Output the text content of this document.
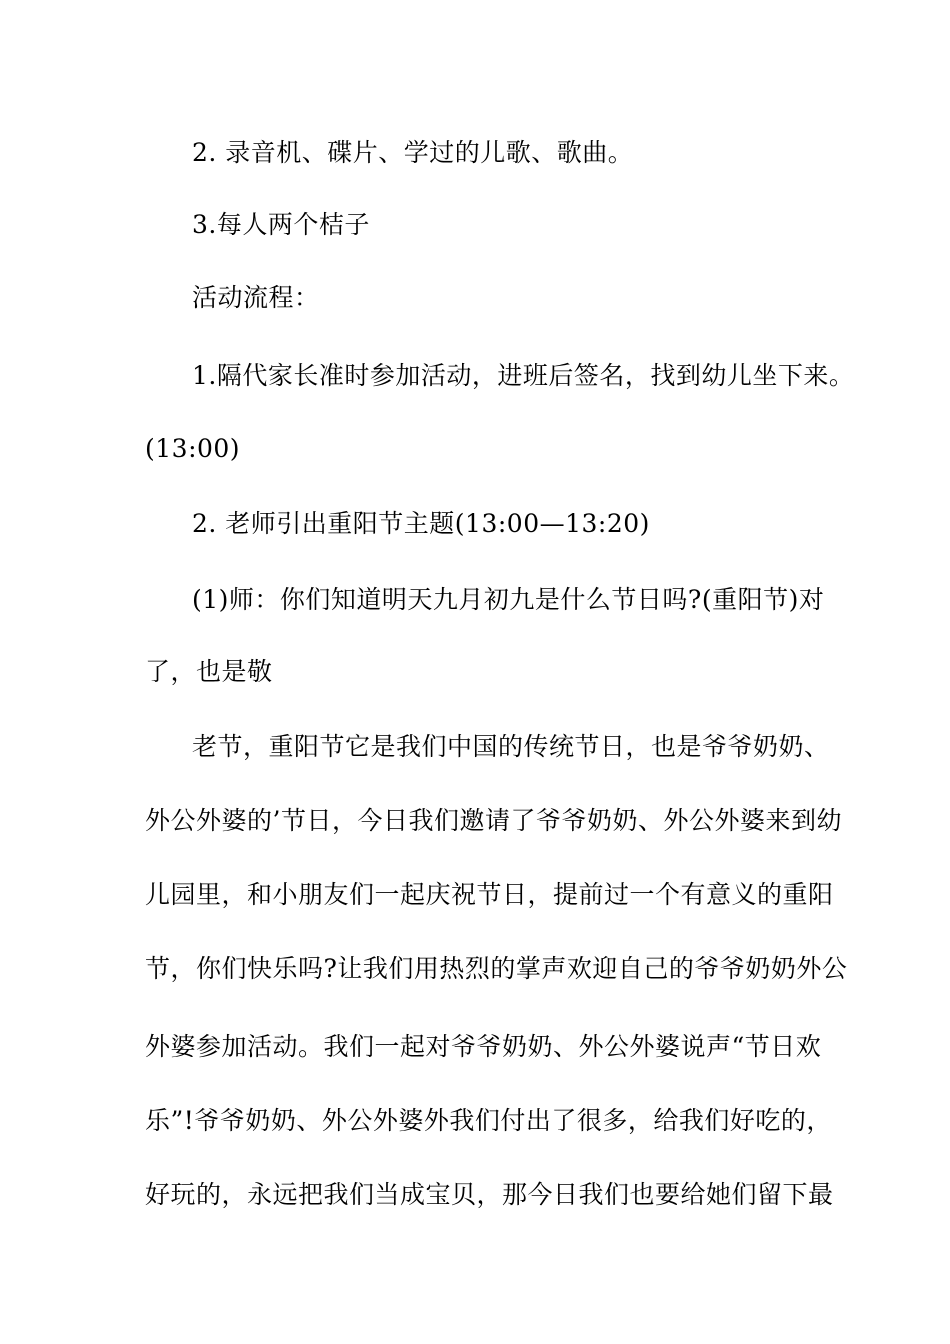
2. 录音机、碟片、学过的儿歌、歌曲。
3.每人两个桔子
活动流程：
1.隔代家长准时参加活动，进班后签名，找到幼儿坐下来。
(13:00)
2. 老师引出重阳节主题(13:00—13:20)
(1)师：你们知道明天九月初九是什么节日吗?(重阳节)对
了，也是敬
老节，重阳节它是我们中国的传统节日，也是爷爷奶奶、
外公外婆的’节日，今日我们邀请了爷爷奶奶、外公外婆来到幼
儿园里，和小朋友们一起庆祝节日，提前过一个有意义的重阳
节，你们快乐吗?让我们用热烈的掌声欢迎自己的爷爷奶奶外公
外婆参加活动。我们一起对爷爷奶奶、外公外婆说声“节日欢
乐”!爷爷奶奶、外公外婆外我们付出了很多，给我们好吃的，
好玩的，永远把我们当成宝贝，那今日我们也要给她们留下最
